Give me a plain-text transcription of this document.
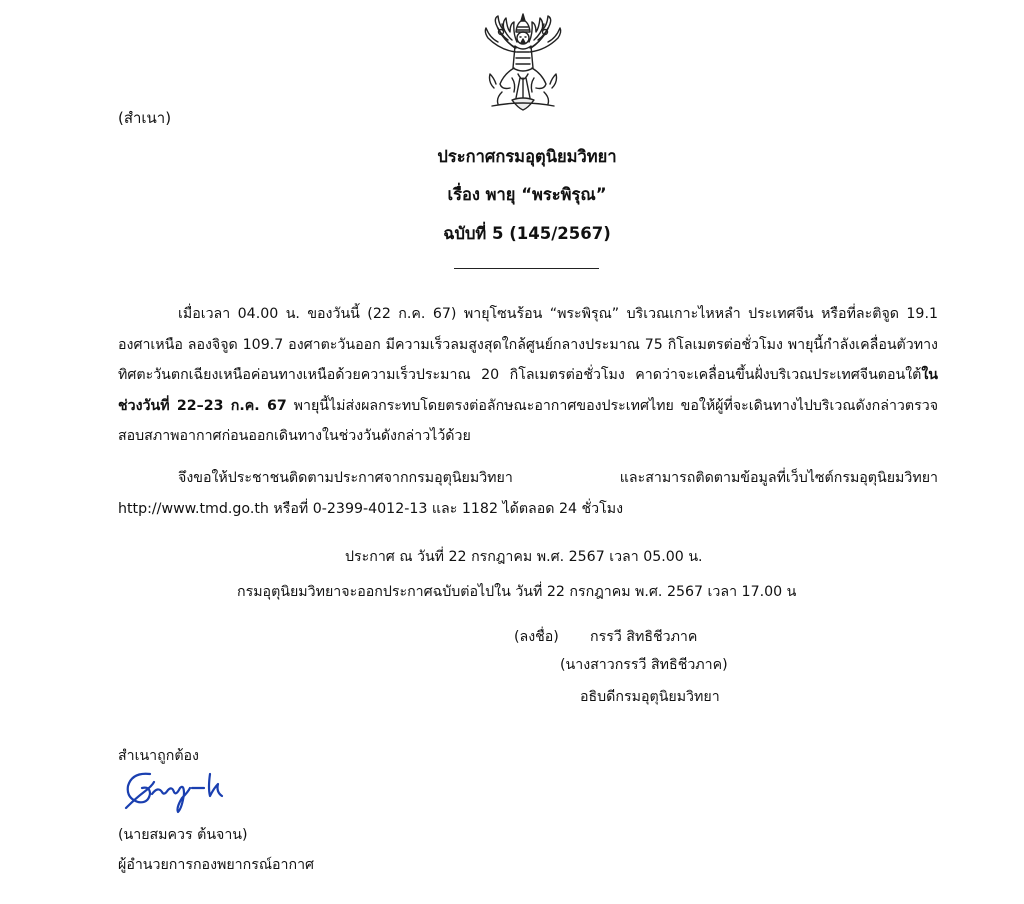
(สำเนา)
ประกาศกรมอุตุนิยมวิทยา
เรื่อง พายุ “พระพิรุณ”
ฉบับที่ 5 (145/2567)
เมื่อเวลา 04.00 น. ของวันนี้ (22 ก.ค. 67) พายุโซนร้อน “พระพิรุณ” บริเวณเกาะไหหลำ ประเทศจีน หรือที่ละติจูด 19.1 องศาเหนือ ลองจิจูด 109.7 องศาตะวันออก มีความเร็วลมสูงสุดใกล้ศูนย์กลางประมาณ 75 กิโลเมตรต่อชั่วโมง พายุนี้กำลังเคลื่อนตัวทางทิศตะวันตกเฉียงเหนือค่อนทางเหนือด้วยความเร็วประมาณ 20 กิโลเมตรต่อชั่วโมง คาดว่าจะเคลื่อนขึ้นฝั่งบริเวณประเทศจีนตอนใต้ในช่วงวันที่ 22–23 ก.ค. 67 พายุนี้ไม่ส่งผลกระทบโดยตรงต่อลักษณะอากาศของประเทศไทย ขอให้ผู้ที่จะเดินทางไปบริเวณดังกล่าวตรวจสอบสภาพอากาศก่อนออกเดินทางในช่วงวันดังกล่าวไว้ด้วย
จึงขอให้ประชาชนติดตามประกาศจากกรมอุตุนิยมวิทยา และสามารถติดตามข้อมูลที่เว็บไซต์กรมอุตุนิยมวิทยา http://www.tmd.go.th หรือที่ 0-2399-4012-13 และ 1182 ได้ตลอด 24 ชั่วโมง
ประกาศ ณ วันที่ 22 กรกฎาคม พ.ศ. 2567 เวลา 05.00 น.
กรมอุตุนิยมวิทยาจะออกประกาศฉบับต่อไปใน วันที่ 22 กรกฎาคม พ.ศ. 2567 เวลา 17.00 น
(ลงชื่อ) กรรวี สิทธิชีวภาค
(นางสาวกรรวี สิทธิชีวภาค)
อธิบดีกรมอุตุนิยมวิทยา
สำเนาถูกต้อง
(นายสมควร ต้นจาน)
ผู้อำนวยการกองพยากรณ์อากาศ
